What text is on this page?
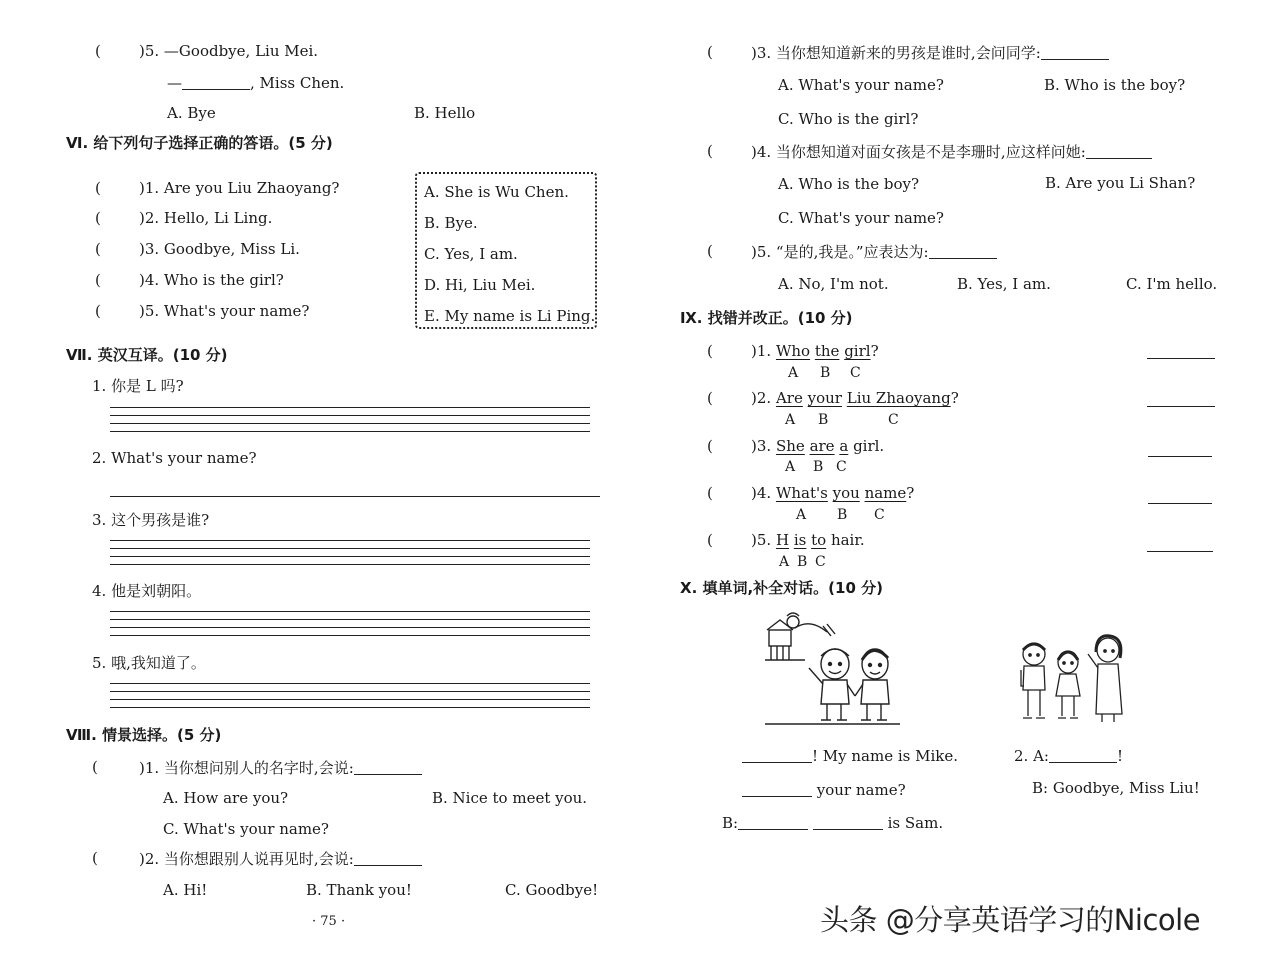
(	)5. —Goodbye, Liu Mei.
—	, Miss Chen.
A. Bye	B. Hello
Ⅵ. 给下列句子选择正确的答语。(5 分)
(	)1. Are you Liu Zhaoyang?
(	)2. Hello, Li Ling.
(	)3. Goodbye, Miss Li.
(	)4. Who is the girl?
(	)5. What's your name?
A. She is Wu Chen.
B. Bye.
C. Yes, I am.
D. Hi, Liu Mei.
E. My name is Li Ping.
Ⅶ. 英汉互译。(10 分)
1. 你是 L 吗?
2. What's your name?
3. 这个男孩是谁?
4. 他是刘朝阳。
5. 哦,我知道了。
Ⅷ. 情景选择。(5 分)
(	)1. 当你想问别人的名字时,会说:
A. How are you?	B. Nice to meet you.
C. What's your name?
(	)2. 当你想跟别人说再见时,会说:
A. Hi!	B. Thank you!	C. Goodbye!
· 75 ·
(	)3. 当你想知道新来的男孩是谁时,会问同学:
A. What's your name?	B. Who is the boy?
C. Who is the girl?
(	)4. 当你想知道对面女孩是不是李珊时,应这样问她:
A. Who is the boy?	B. Are you Li Shan?
C. What's your name?
(	)5. “是的,我是。”应表达为:
A. No, I'm not.	B. Yes, I am.	C. I'm hello.
Ⅸ. 找错并改正。(10 分)
(	)1. Who the girl?
A B C
(	)2. Are your Liu Zhaoyang?
A B	C
(	)3. She are a girl.
A B C
(	)4. What's you name?
A B C
(	)5. H is to hair.
A B C
Ⅹ. 填单词,补全对话。(10 分)
! My name is Mike.
your name?
B:	is Sam.
2. A:	!
B: Goodbye, Miss Liu!
头条 @分享英语学习的Nicole
